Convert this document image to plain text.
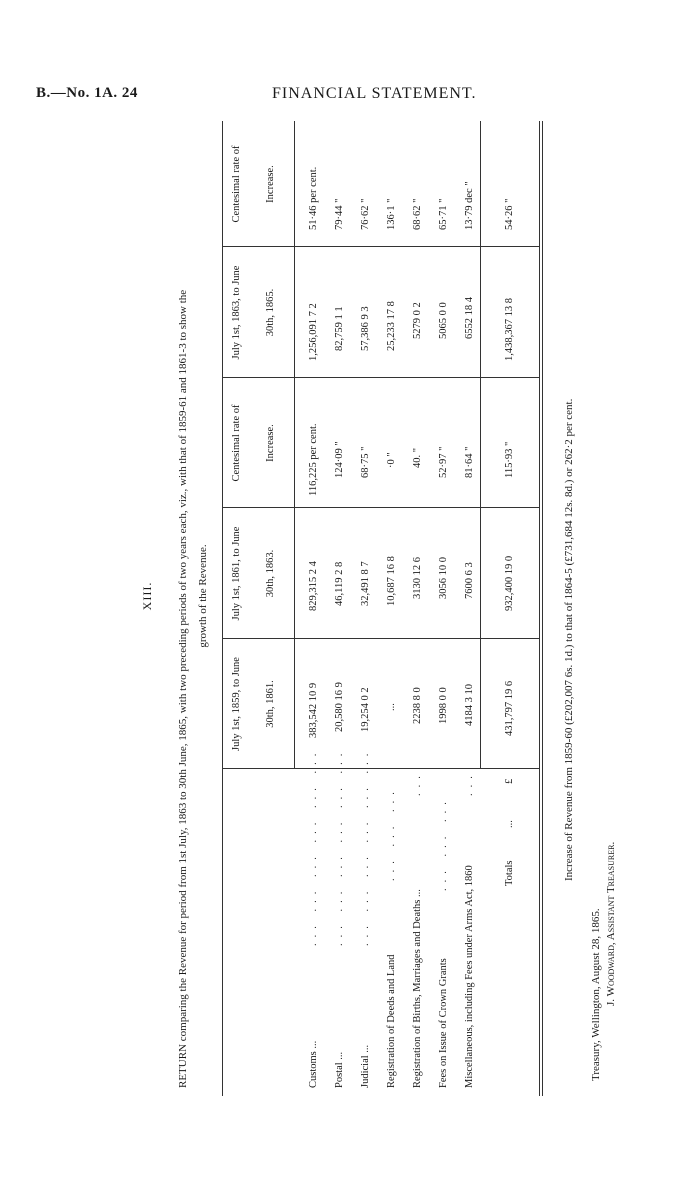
B.—No. 1A. 24	FINANCIAL STATEMENT.
XIII. RETURN comparing the Revenue for period from 1st July, 1863 to 30th June, 1865, with two preceding periods of two years each, viz., with that of 1859-61 and 1861-3 to show the growth of the Revenue.
July 1st, 1859, to June 30th, 1861.
July 1st, 1861, to June 30th, 1863.
Centesimal rate of Increase.
July 1st, 1863, to June 30th, 1865.
Centesimal rate of Increase.
Customs ...
... ... ... ... ... ...
383,542 10 9
829,315 2 4
116,225 per cent.
1,256,091 7 2
51·46 per cent.
Postal ...
... ... ... ... ... ...
20,580 16 9
46,119 2 8
124·09 "
82,759 1 1
79·44 "
Judicial ...
... ... ... ... ... ...
19,254 0 2
32,491 8 7
68·75 "
57,386 9 3
76·62 "
Registration of Deeds and Land
... ... ...
...
10,687 16 8
·0 "
25,233 17 8
136·1 "
Registration of Births, Marriages and Deaths ...
...
2238 8 0
3130 12 6
40. "
5279 0 2
68·62 "
Fees on Issue of Crown Grants
... ... ...
1998 0 0
3056 10 0
52·97 "
5065 0 0
65·71 "
Miscellaneous, including Fees under Arms Act, 1860
...
4184 3 10
7600 6 3
81·64 "
6552 18 4
13·79 dec "
Totals
...
£
431,797 19 6
932,400 19 0
115·93 "
1,438,367 13 8
54·26 "
Increase of Revenue from 1859-60 (£202,007 6s. 1d.) to that of 1864-5 (£731,684 12s. 8d.) or 262·2 per cent.
Treasury, Wellington, August 28, 1865. J. Woodward, Assistant Treasurer.
